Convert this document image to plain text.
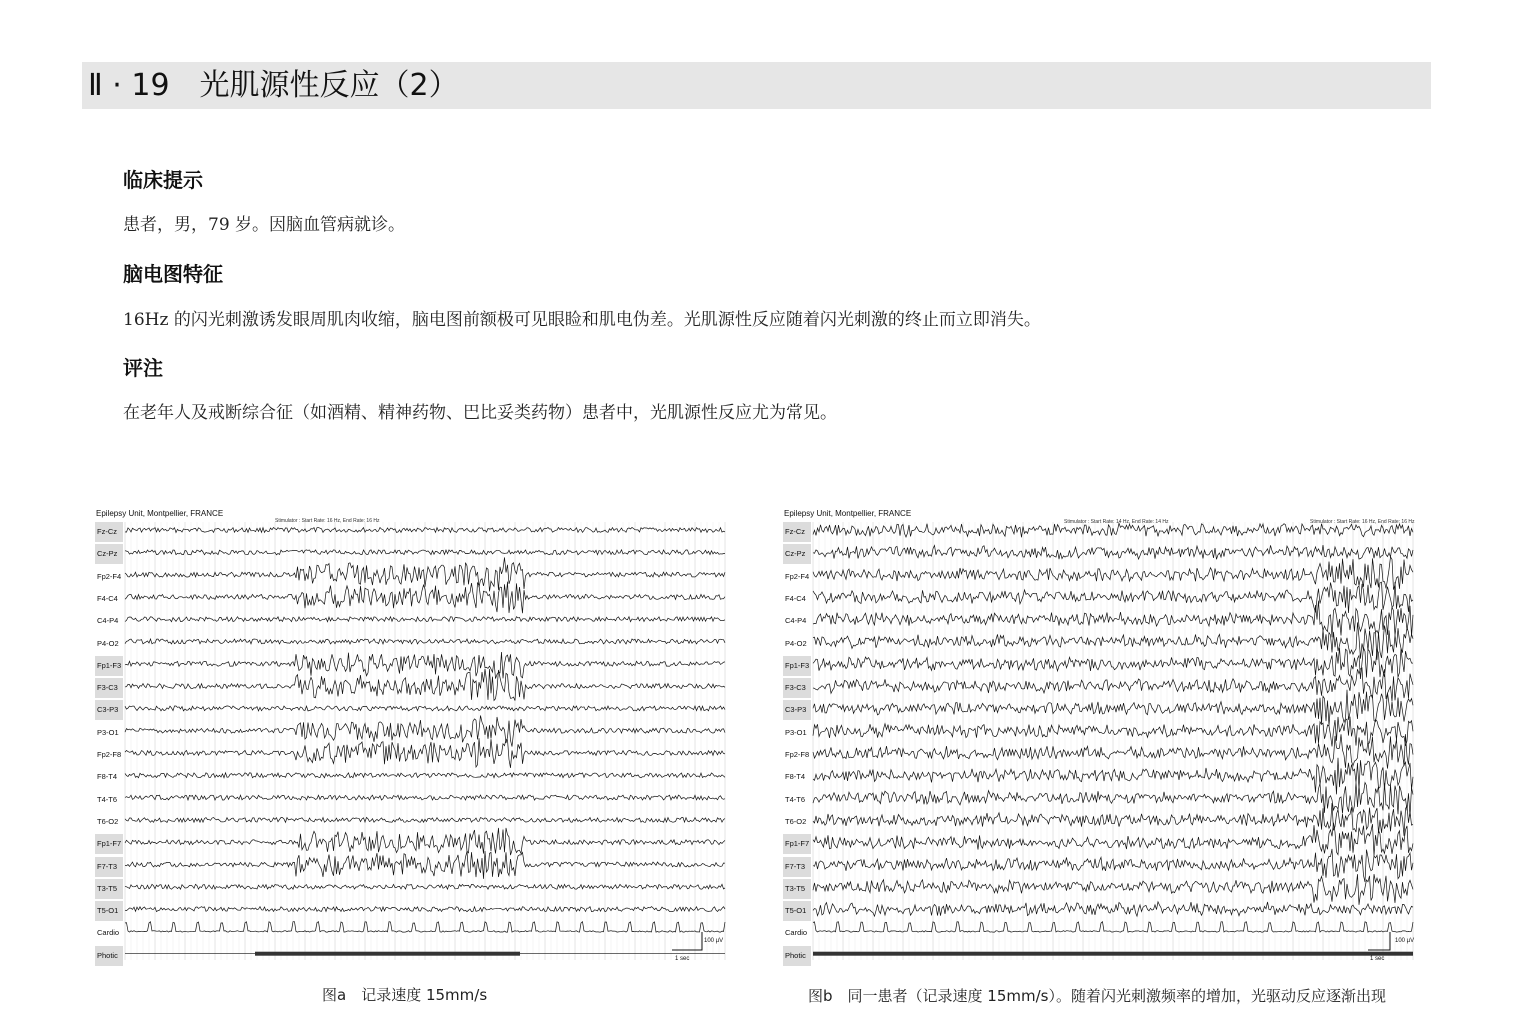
Ⅱ · 19　光肌源性反应（2）
临床提示
患者，男，79 岁。因脑血管病就诊。
脑电图特征
16Hz 的闪光刺激诱发眼周肌肉收缩，脑电图前额极可见眼睑和肌电伪差。光肌源性反应随着闪光刺激的终止而立即消失。
评注
在老年人及戒断综合征（如酒精、精神药物、巴比妥类药物）患者中，光肌源性反应尤为常见。
Epilepsy Unit, Montpellier, FRANCE
Fz-Cz
Cz-Pz
Fp2-F4
F4-C4
C4-P4
P4-O2
Fp1-F3
F3-C3
C3-P3
P3-O1
Fp2-F8
F8-T4
T4-T6
T6-O2
Fp1-F7
F7-T3
T3-T5
T5-O1
Cardio
Photic
Stimulator : Start Rate: 16 Hz, End Rate: 16 Hz
100 µV
1 sec
Epilepsy Unit, Montpellier, FRANCE
Fz-Cz
Cz-Pz
Fp2-F4
F4-C4
C4-P4
P4-O2
Fp1-F3
F3-C3
C3-P3
P3-O1
Fp2-F8
F8-T4
T4-T6
T6-O2
Fp1-F7
F7-T3
T3-T5
T5-O1
Cardio
Photic
Stimulator : Start Rate: 14 Hz, End Rate: 14 Hz	Stimulator : Start Rate: 16 Hz, End Rate: 16 Hz
100 µV
1 sec
图a　记录速度 15mm/s	图b　同一患者（记录速度 15mm/s）。随着闪光刺激频率的增加，光驱动反应逐渐出现
